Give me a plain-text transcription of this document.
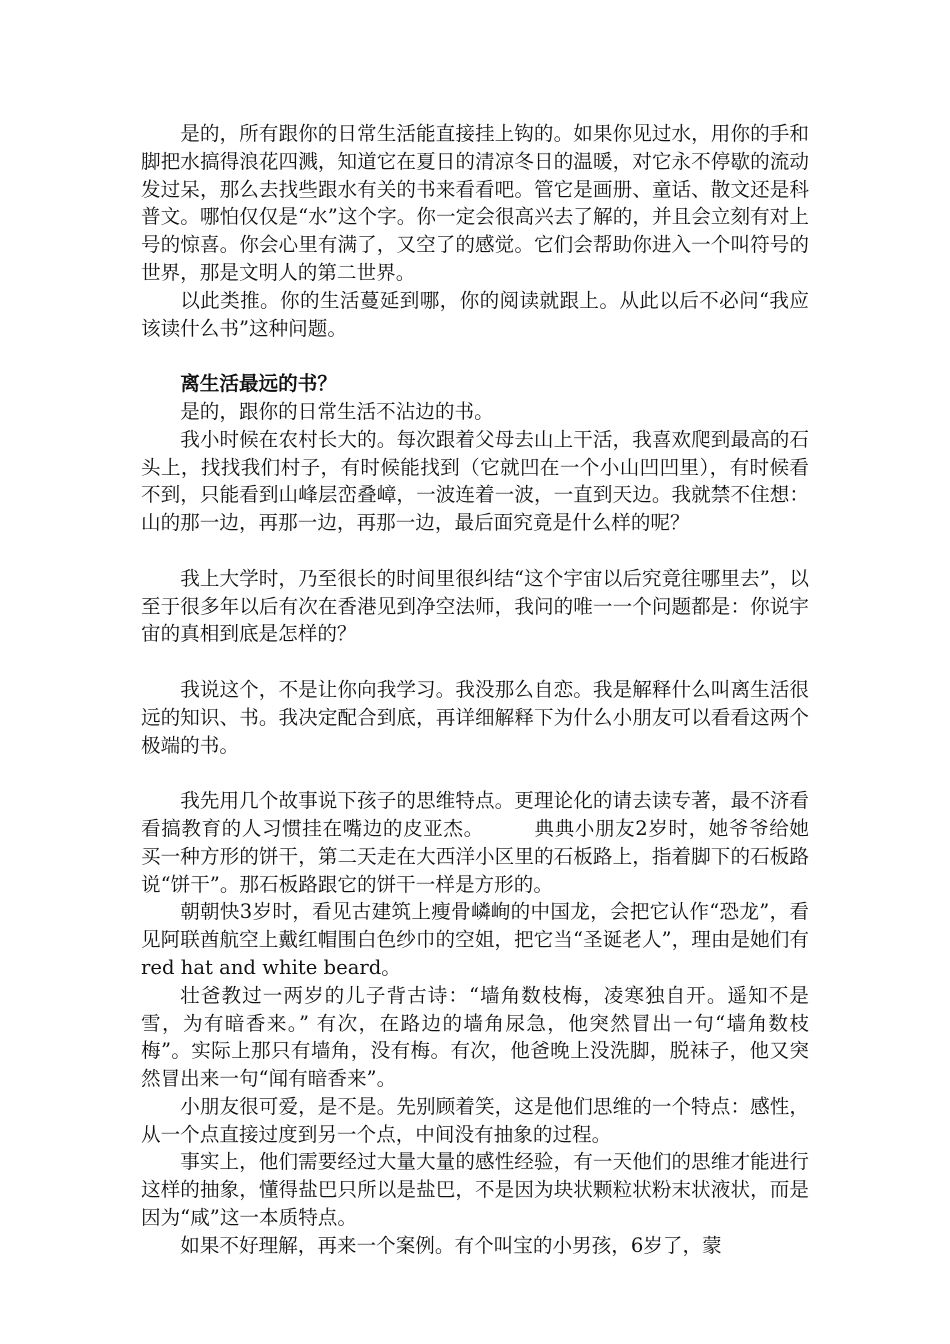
是的，所有跟你的日常生活能直接挂上钩的。如果你见过水，用你的手和脚把水搞得浪花四溅，知道它在夏日的清凉冬日的温暖，对它永不停歇的流动发过呆，那么去找些跟水有关的书来看看吧。管它是画册、童话、散文还是科普文。哪怕仅仅是“水”这个字。你一定会很高兴去了解的，并且会立刻有对上号的惊喜。你会心里有满了，又空了的感觉。它们会帮助你进入一个叫符号的世界，那是文明人的第二世界。

以此类推。你的生活蔓延到哪，你的阅读就跟上。从此以后不必问“我应该读什么书”这种问题。

离生活最远的书？

是的，跟你的日常生活不沾边的书。

我小时候在农村长大的。每次跟着父母去山上干活，我喜欢爬到最高的石头上，找找我们村子，有时候能找到（它就凹在一个小山凹凹里），有时候看不到，只能看到山峰层峦叠嶂，一波连着一波，一直到天边。我就禁不住想：山的那一边，再那一边，再那一边，最后面究竟是什么样的呢？

我上大学时，乃至很长的时间里很纠结“这个宇宙以后究竟往哪里去”，以至于很多年以后有次在香港见到净空法师，我问的唯一一个问题都是：你说宇宙的真相到底是怎样的？

我说这个，不是让你向我学习。我没那么自恋。我是解释什么叫离生活很远的知识、书。我决定配合到底，再详细解释下为什么小朋友可以看看这两个极端的书。

我先用几个故事说下孩子的思维特点。更理论化的请去读专著，最不济看看搞教育的人习惯挂在嘴边的皮亚杰。　　　典典小朋友2岁时，她爷爷给她买一种方形的饼干，第二天走在大西洋小区里的石板路上，指着脚下的石板路说“饼干”。那石板路跟它的饼干一样是方形的。

朝朝快3岁时，看见古建筑上瘦骨嶙峋的中国龙，会把它认作“恐龙”，看见阿联酋航空上戴红帽围白色纱巾的空姐，把它当“圣诞老人”，理由是她们有red hat and white beard。

壮爸教过一两岁的儿子背古诗：“墙角数枝梅，凌寒独自开。遥知不是雪，为有暗香来。” 有次，在路边的墙角尿急，他突然冒出一句“墙角数枝梅”。实际上那只有墙角，没有梅。有次，他爸晚上没洗脚，脱袜子，他又突然冒出来一句“闻有暗香来”。

小朋友很可爱，是不是。先别顾着笑，这是他们思维的一个特点：感性，从一个点直接过度到另一个点，中间没有抽象的过程。

事实上，他们需要经过大量大量的感性经验，有一天他们的思维才能进行这样的抽象，懂得盐巴只所以是盐巴，不是因为块状颗粒状粉末状液状，而是因为“咸”这一本质特点。

如果不好理解，再来一个案例。有个叫宝的小男孩，6岁了，蒙
